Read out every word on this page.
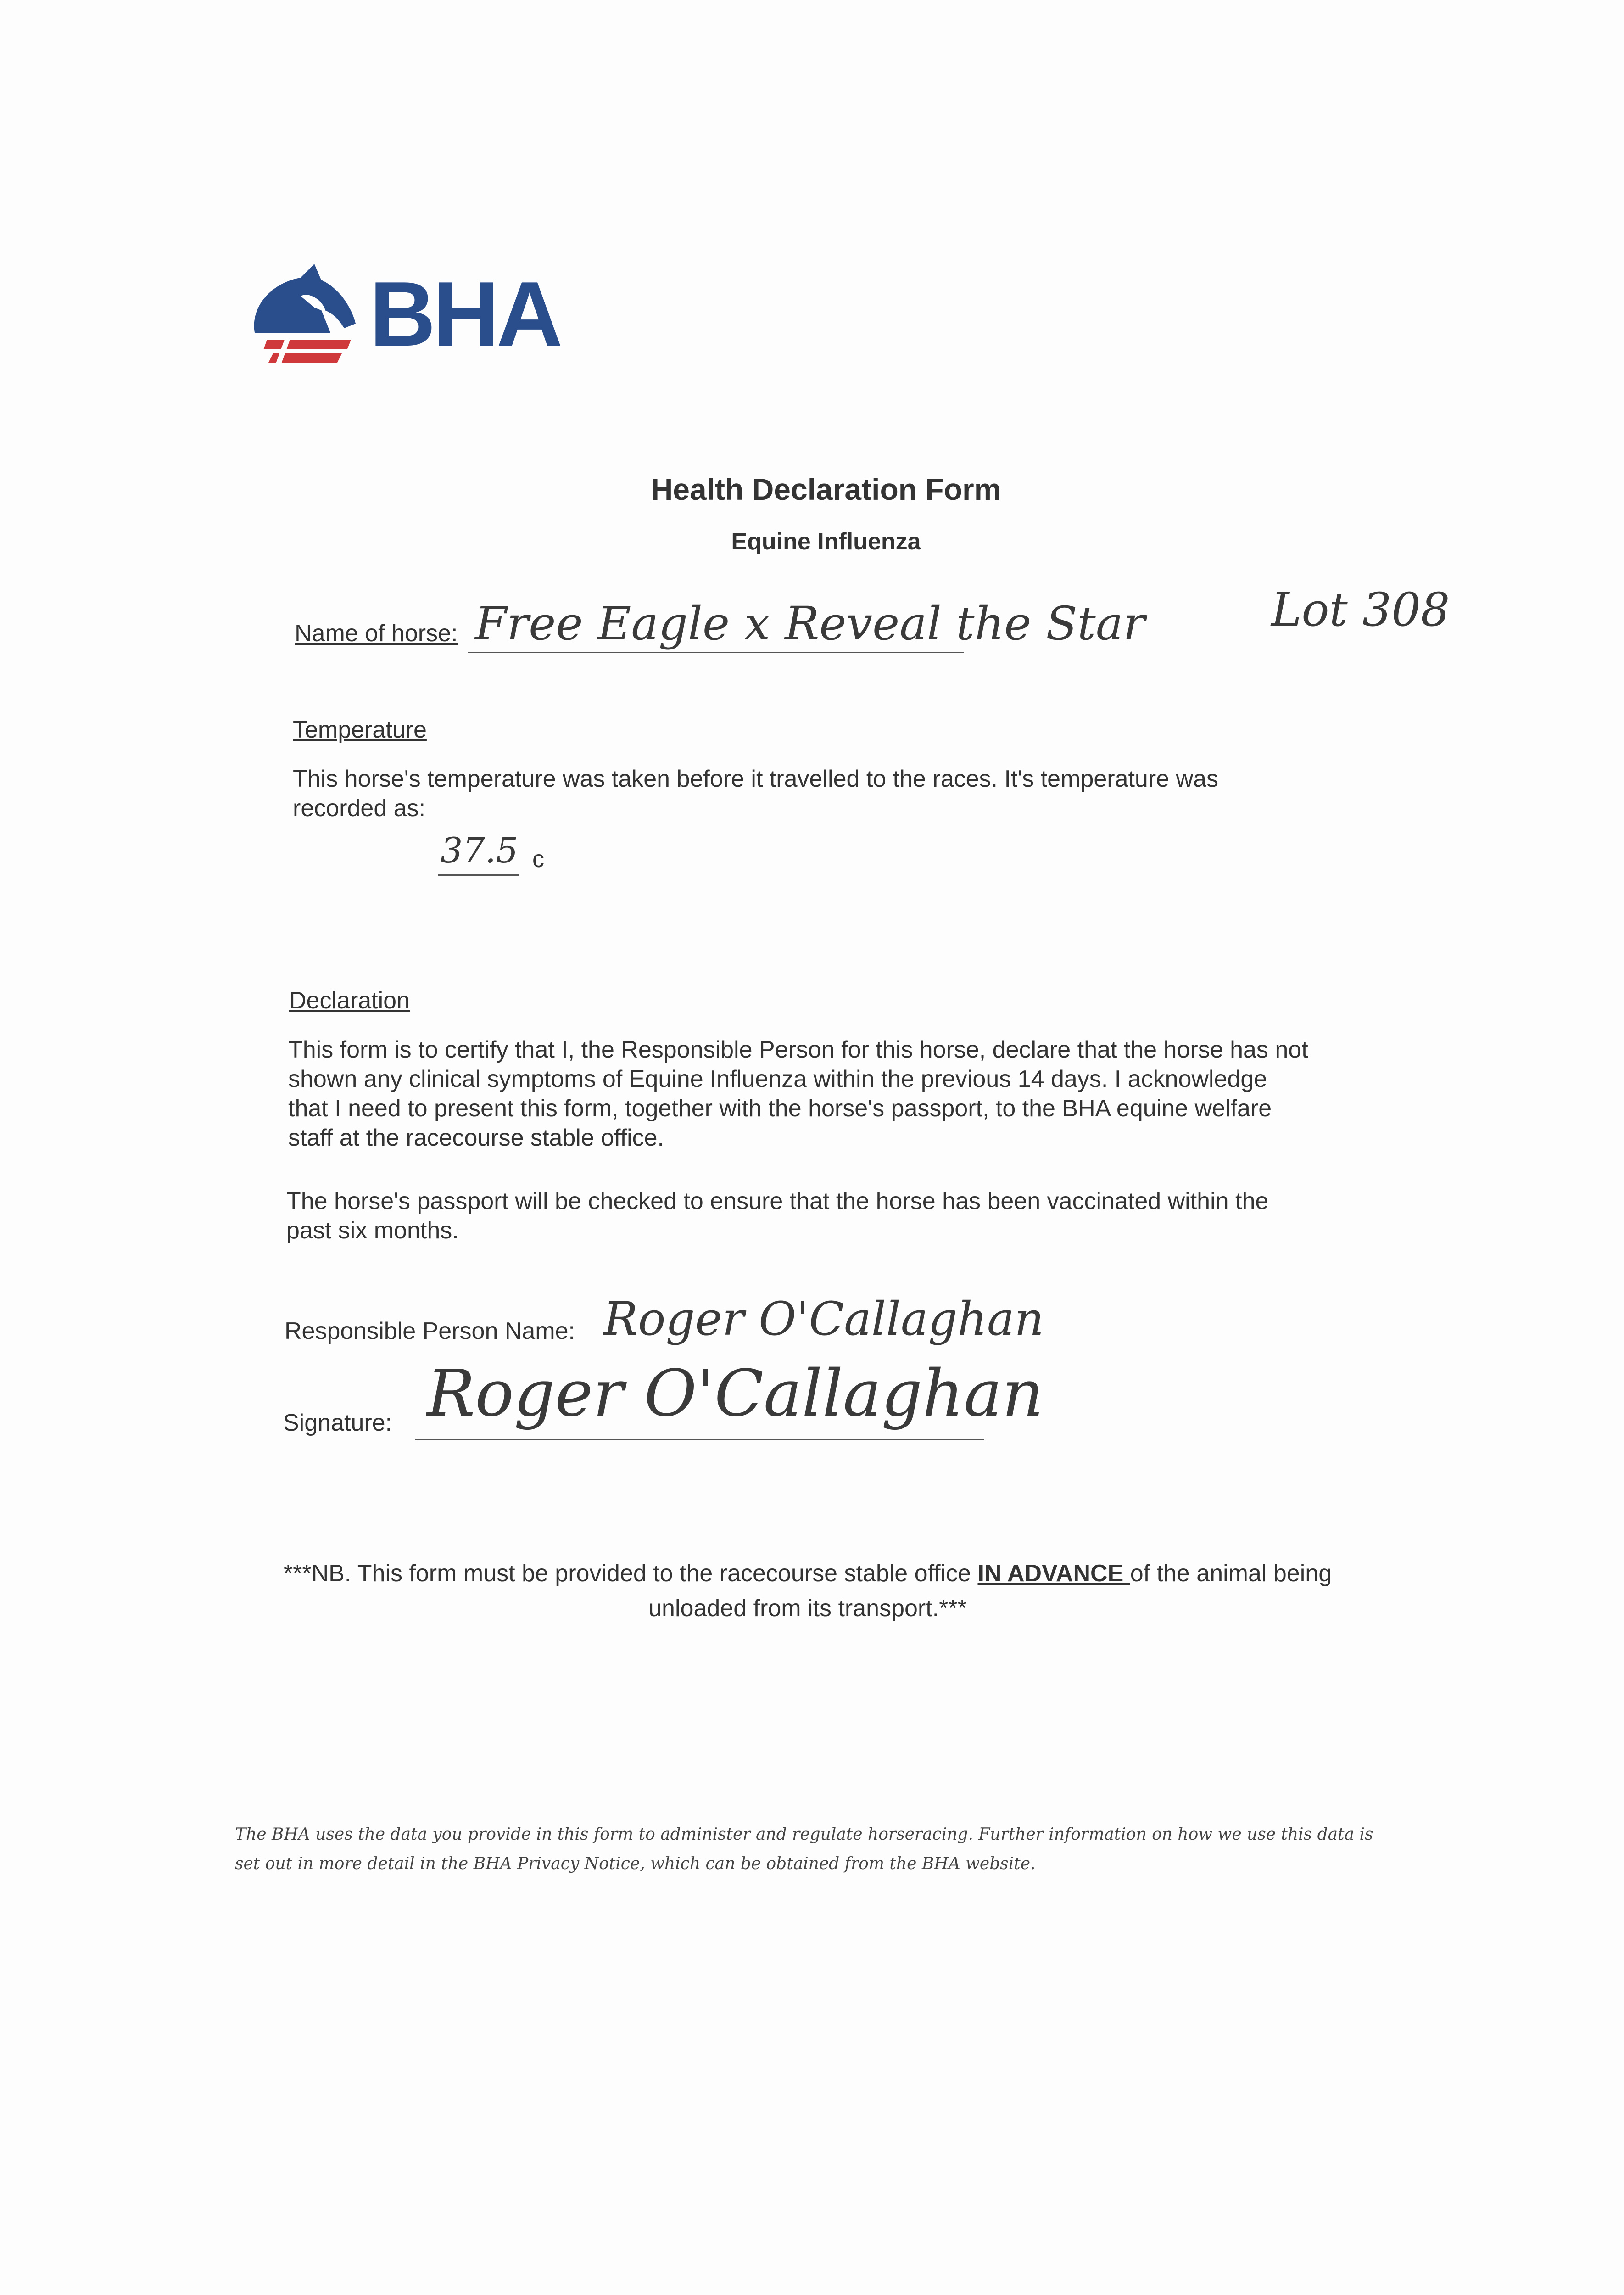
BHA
Health Declaration Form
Equine Influenza
Name of horse: Free Eagle x Reveal the Star	Lot 308
Temperature
This horse's temperature was taken before it travelled to the races. It's temperature was recorded as:
37.5 c
Declaration
This form is to certify that I, the Responsible Person for this horse, declare that the horse has not shown any clinical symptoms of Equine Influenza within the previous 14 days. I acknowledge that I need to present this form, together with the horse's passport, to the BHA equine welfare staff at the racecourse stable office.
The horse's passport will be checked to ensure that the horse has been vaccinated within the past six months.
Responsible Person Name: Roger O'Callaghan
Signature: Roger O'Callaghan
***NB. This form must be provided to the racecourse stable office IN ADVANCE of the animal being unloaded from its transport.***
The BHA uses the data you provide in this form to administer and regulate horseracing. Further information on how we use this data is set out in more detail in the BHA Privacy Notice, which can be obtained from the BHA website.
